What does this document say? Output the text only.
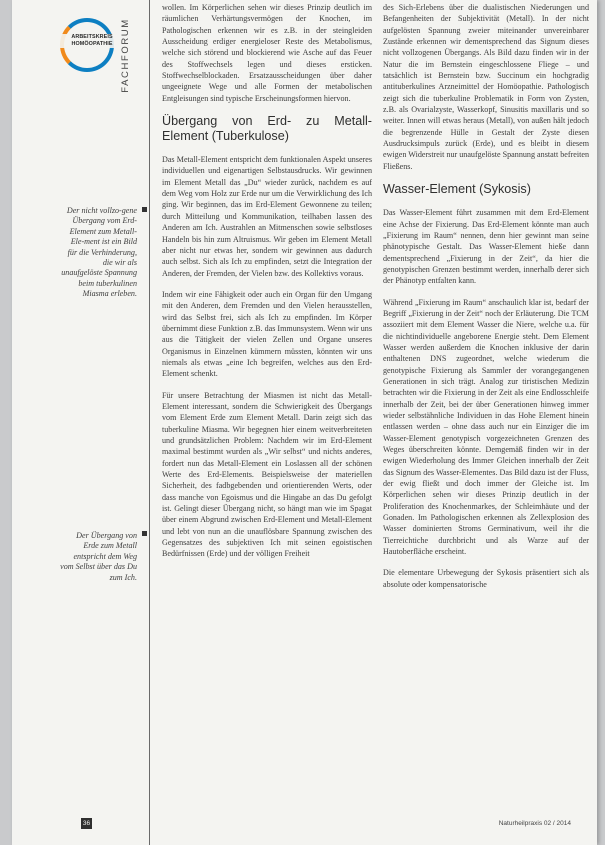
ARBEITSKREIS HOMÖOPATHIE FACHFORUM
Der nicht vollzo-gene Übergang vom Erd-Element zum Metall-Ele-ment ist ein Bild für die Verhinderung, die wir als unaufgelöste Spannung beim tuberkulinen Miasma erleben.
Der Übergang von Erde zum Metall entspricht dem Weg vom Selbst über das Du zum Ich.

wollen. Im Körperlichen sehen wir dieses Prinzip deutlich im räumlichen Verhärtungsvermögen der Knochen, im Pathologischen erkennen wir es z.B. in der steingleiden Ausscheidung erdiger energieloser Reste des Metabolismus, welche sich störend und blockierend wie Asche auf das Feuer des Stoffwechsels legen und dieses ersticken. Stoffwechselblockaden. Ersatzausscheidungen über daher ungeeignete Wege und alle Formen der metabolischen Entgleisungen sind typische Erscheinungsformen hiervon.

Übergang von Erd- zu Metall-Element (Tuberkulose)

Das Metall-Element entspricht dem funktionalen Aspekt unseres individuellen und eigenartigen Selbstausdrucks. Wir gewinnen im Element Metall das „Du“ wieder zurück, nachdem es auf dem Weg vom Holz zur Erde nur um die Verwirklichung des Ich ging. Wir beginnen, das im Erd-Element Gewonnene zu teilen; durch Mitteilung und Kommunikation, teilhaben lassen des Anderen am Ich. Austrahlen an Mitmenschen sowie selbstloses Handeln bis hin zum Altruismus. Wir geben im Element Metall aber nicht nur etwas her, sondern wir gewinnen aus dadurch auch selbst. Sich als Ich zu empfinden, setzt die Integration der Anderen, der Fremden, der Vielen bzw. des Kollektivs voraus.

Indem wir eine Fähigkeit oder auch ein Organ für den Umgang mit den Anderen, dem Fremden und den Vielen herausstellen, wird das Selbst frei, sich als Ich zu empfinden. Im Körper übernimmt diese Funktion z.B. das Immunsystem. Wenn wir uns aus die Tätigkeit der vielen Zellen und Organe unseres Organismus in Einzelnen kümmern müssten, könnten wir uns niemals als etwas „eine Ich begreifen, welches aus den Erd-Element schenkt.

Für unsere Betrachtung der Miasmen ist nicht das Metall-Element interessant, sondern die Schwierigkeit des Übergangs vom Element Erde zum Element Metall. Darin zeigt sich das tuberkuline Miasma. Wir begegnen hier einem weitverbreiteten und grundsätzlichen Problem: Nachdem wir im Erd-Element maximal bestimmt wurden als „Wir selbst“ und nichts anderes, fordert nun das Metall-Element ein Loslassen all der schönen Werte des Erd-Elements. Beispielsweise der materiellen Sicherheit, des fadbgebenden und orientierenden Werts, oder dass manche von Egoismus und die Hingabe an das Du gefolgt ist. Gelingt dieser Übergang nicht, so hängt man wie im Spagat über einem Abgrund zwischen Erd-Element und Metall-Element und lebt von nun an die unauflösbare Spannung zwischen des Gegensatzes des subjektiven Ich mit seinen egoistischen Bedürfnissen (Erde) und der völligen Freiheit

des Sich-Erlebens über die dualistischen Niederungen und Befangenheiten der Subjektivität (Metall). In der nicht aufgelösten Spannung zweier miteinander unvereinbarer Zustände erkennen wir dementsprechend das Signum dieses nicht vollzogenen Übergangs. Als Bild dazu finden wir in der Natur die im Bernstein eingeschlossene Fliege – und tatsächlich ist Bernstein bzw. Succinum ein hochgradig antituberkulines Arzneimittel der Homöopathie. Pathologisch zeigt sich die tuberkuline Problematik in Form von Zysten, z.B. als Ovarialzyste, Wasserkopf, Sinusitis maxillaris und so weiter. Innen will etwas heraus (Metall), von außen hält jedoch die begrenzende Hülle in Gestalt der Zyste diesen Ausdrucksimpuls zurück (Erde), und es bleibt in diesem ewigen Widerstreit nur unaufgelöste Spannung anstatt befreiten Fließens.

Wasser-Element (Sykosis)

Das Wasser-Element führt zusammen mit dem Erd-Element eine Achse der Fixierung. Das Erd-Element könnte man auch „Fixierung im Raum“ nennen, denn hier gewinnt man seine phänotypische Gestalt. Das Wasser-Element hieße dann dementsprechend „Fixierung in der Zeit“, da hier die genotypischen Grenzen bestimmt werden, innerhalb derer sich der Phänotyp entfalten kann.

Während „Fixierung im Raum“ anschaulich klar ist, bedarf der Begriff „Fixierung in der Zeit“ noch der Erläuterung. Die TCM assoziiert mit dem Element Wasser die Niere, welche u.a. für die nichtindividuelle angeborene Energie steht. Dem Element Wasser werden außerdem die Knochen inklusive der darin enthaltenen DNS zugeordnet, welche wiederum die genotypische Fixierung als Sammler der vorangegangenen Generationen in sich trägt. Analog zur tiristischen Medizin betrachten wir die Fixierung in der Zeit als eine Endlosschleife innerhalb der Zeit, bei der über Generationen hinweg immer wieder selbstähnliche Individuen in das Hohe Element hinein entlassen werden – ohne dass auch nur ein Einziger die im Wasser-Element genotypisch vorgezeichneten Grenzen des Weges überschreiten könnte. Demgemäß finden wir in der ewigen Wiederholung des Immer Gleichen innerhalb der Zeit das Signum des Wasser-Elementes. Das Bild dazu ist der Fluss, der ewig fließt und doch immer der Gleiche ist. Im Körperlichen sehen wir dieses Prinzip deutlich in der Proliferation des Knochenmarkes, der Schleimhäute und der Gonaden. Im Pathologischen erkennen als Zellexplosion des Wasser dominierten Stroms Germinativum, weil ihr die Tierreichtiche durchbricht und als Warze auf der Hautoberfläche erscheint.

Die elementare Urbewegung der Sykosis präsentiert sich als absolute oder kompensatorische

36	Naturheilpraxis 02 / 2014
